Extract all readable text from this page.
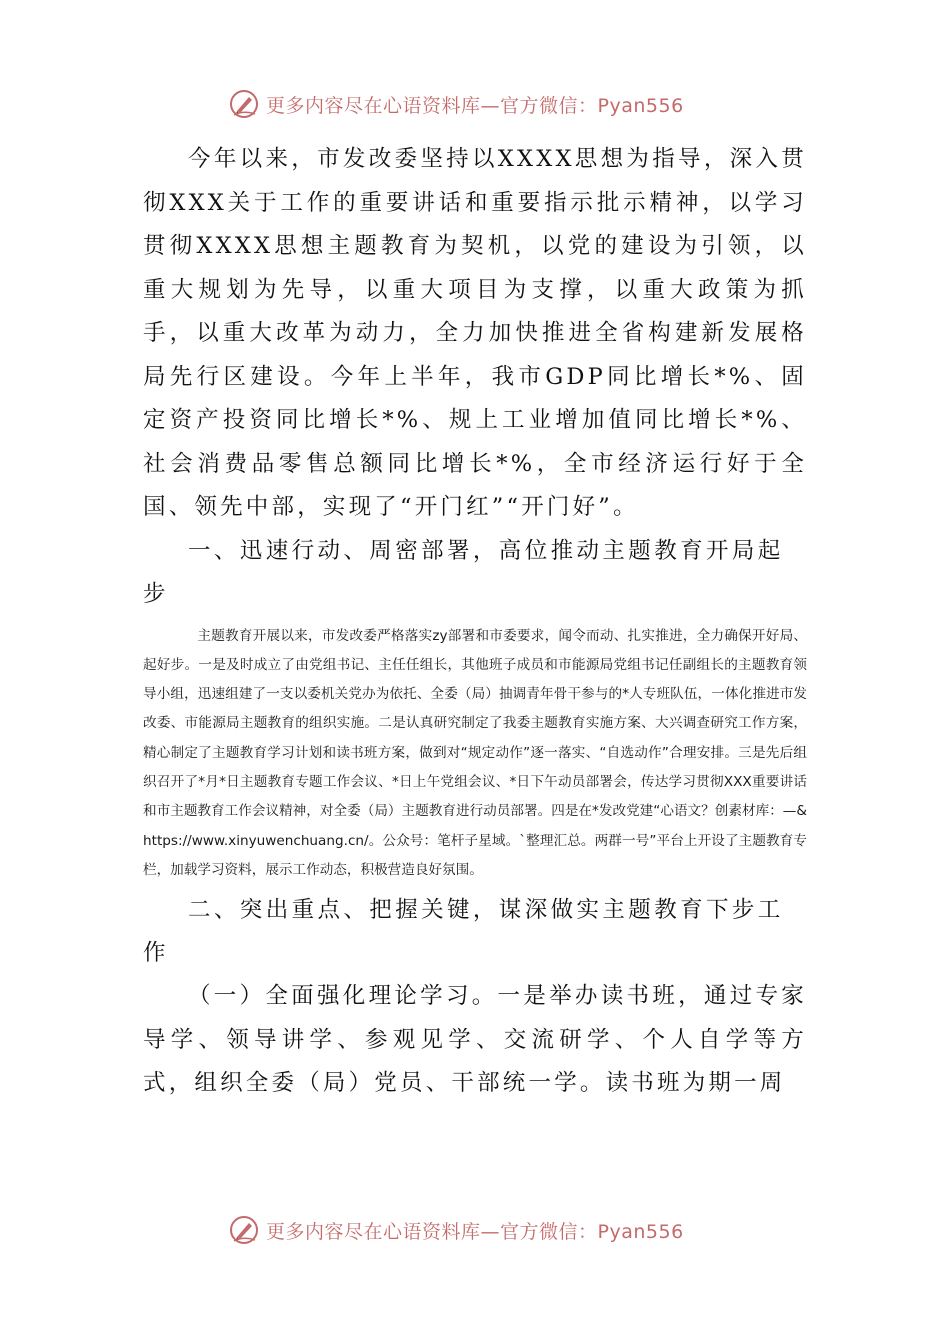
更多内容尽在心语资料库—官方微信：Pyan556

今年以来，市发改委坚持以XXXX思想为指导，深入贯彻XXX关于工作的重要讲话和重要指示批示精神，以学习贯彻XXXX思想主题教育为契机，以党的建设为引领，以重大规划为先导，以重大项目为支撑，以重大政策为抓手，以重大改革为动力，全力加快推进全省构建新发展格局先行区建设。今年上半年，我市GDP同比增长*%、固定资产投资同比增长*%、规上工业增加值同比增长*%、社会消费品零售总额同比增长*%，全市经济运行好于全国、领先中部，实现了“开门红”“开门好”。

一、迅速行动、周密部署，高位推动主题教育开局起步

主题教育开展以来，市发改委严格落实zy部署和市委要求，闻令而动、扎实推进，全力确保开好局、起好步。一是及时成立了由党组书记、主任任组长，其他班子成员和市能源局党组书记任副组长的主题教育领导小组，迅速组建了一支以委机关党办为依托、全委（局）抽调青年骨干参与的*人专班队伍，一体化推进市发改委、市能源局主题教育的组织实施。二是认真研究制定了我委主题教育实施方案、大兴调查研究工作方案，精心制定了主题教育学习计划和读书班方案，做到对“规定动作”逐一落实、“自选动作”合理安排。三是先后组织召开了*月*日主题教育专题工作会议、*日上午党组会议、*日下午动员部署会，传达学习贯彻XXX重要讲话和市主题教育工作会议精神，对全委（局）主题教育进行动员部署。四是在*发改党建“心语文？创素材库：—&https://www.xinyuwenchuang.cn/。公众号：笔杆子星域。`整理汇总。两群一号”平台上开设了主题教育专栏，加载学习资料，展示工作动态，积极营造良好氛围。

二、突出重点、把握关键，谋深做实主题教育下步工作

（一）全面强化理论学习。一是举办读书班，通过专家导学、领导讲学、参观见学、交流研学、个人自学等方式，组织全委（局）党员、干部统一学。读书班为期一周

更多内容尽在心语资料库—官方微信：Pyan556
